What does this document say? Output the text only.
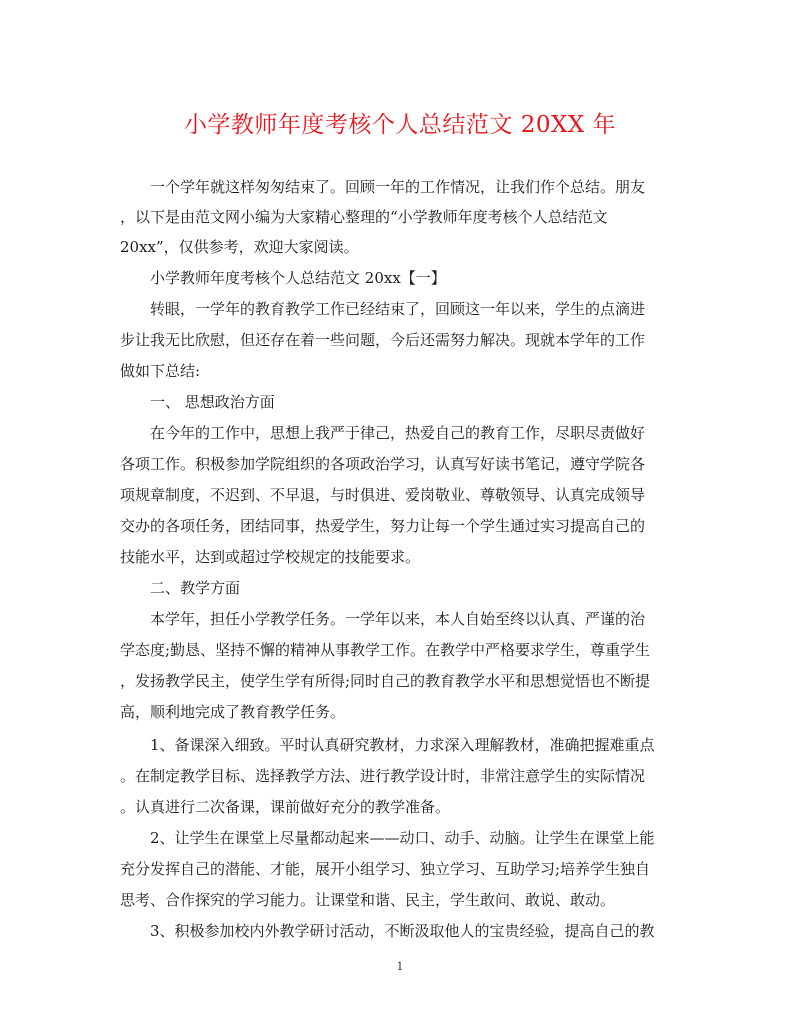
小学教师年度考核个人总结范文 20XX 年
　　一个学年就这样匆匆结束了。回顾一年的工作情况，让我们作个总结。朋友
，以下是由范文网小编为大家精心整理的“小学教师年度考核个人总结范文
20xx”，仅供参考，欢迎大家阅读。
　　小学教师年度考核个人总结范文 20xx【一】
　　转眼，一学年的教育教学工作已经结束了，回顾这一年以来，学生的点滴进
步让我无比欣慰，但还存在着一些问题，今后还需努力解决。现就本学年的工作
做如下总结:
　　一、 思想政治方面
　　在今年的工作中，思想上我严于律己，热爱自己的教育工作，尽职尽责做好
各项工作。积极参加学院组织的各项政治学习，认真写好读书笔记，遵守学院各
项规章制度，不迟到、不早退，与时俱进、爱岗敬业、尊敬领导、认真完成领导
交办的各项任务，团结同事，热爱学生，努力让每一个学生通过实习提高自己的
技能水平，达到或超过学校规定的技能要求。
　　二、教学方面
　　本学年，担任小学教学任务。一学年以来，本人自始至终以认真、严谨的治
学态度;勤恳、坚持不懈的精神从事教学工作。在教学中严格要求学生，尊重学生
，发扬教学民主，使学生学有所得;同时自己的教育教学水平和思想觉悟也不断提
高，顺利地完成了教育教学任务。
　　1、备课深入细致。平时认真研究教材，力求深入理解教材，准确把握难重点
。在制定教学目标、选择教学方法、进行教学设计时，非常注意学生的实际情况
。认真进行二次备课，课前做好充分的教学准备。
　　2、让学生在课堂上尽量都动起来——动口、动手、动脑。让学生在课堂上能
充分发挥自己的潜能、才能，展开小组学习、独立学习、互助学习;培养学生独自
思考、合作探究的学习能力。让课堂和谐、民主，学生敢问、敢说、敢动。
　　3、积极参加校内外教学研讨活动，不断汲取他人的宝贵经验，提高自己的教
1
